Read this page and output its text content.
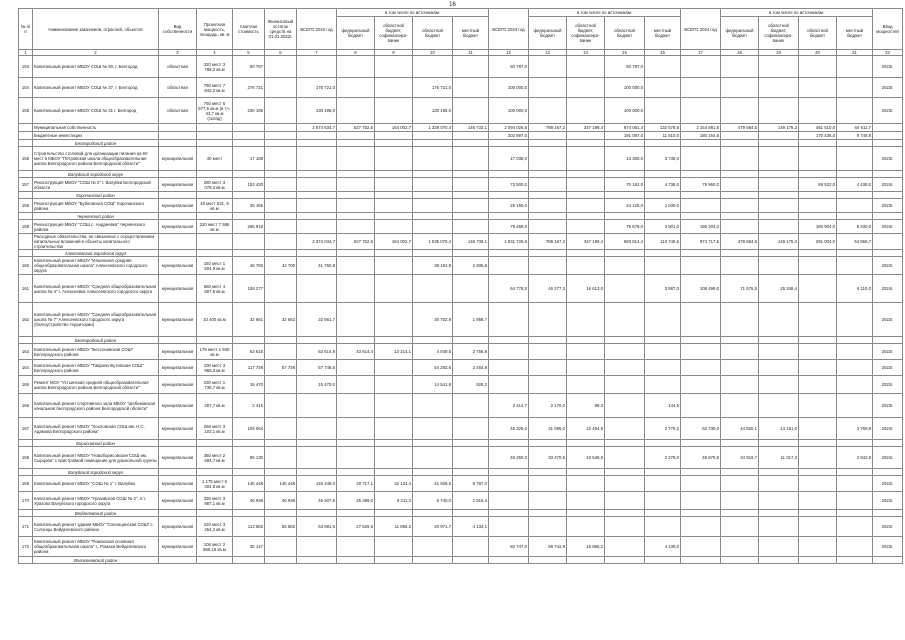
16
№ п/п	Наименование заказчиков, отраслей, объектов	Вид собственности	Проектная мощность, площадь, кв. м	Сметная стоимость	Финансовый остаток средств на 01.01.2022г.	ВСЕГО 2022 год	в том числе по источникам:				ВСЕГО 2023 год	в том числе по источникам:				ВСЕГО 2024 год	в том числе по источникам:				Ввод мощностей
							федеральный бюджет	областной бюджет, софинансиро-вание	областной бюджет	местный бюджет		федеральный бюджет	областной бюджет, софинансиро-вание	областной бюджет	местный бюджет		федеральный бюджет	областной бюджет, софинансиро-вание	областной бюджет	местный бюджет	
1	2	3	4	5	6	7	8	9	10	11	12	13	14	15	16	17	18	19	20	21	22
153	Капитальный ремонт МБОУ СОШ № 50, г. Белгород	областная	320 мест 3 788,2 кв.м	50 787							50 787,0			50 787,0							2023г.
154	Капитальный ремонт МБОУ СОШ № 37, г. Белгород	областная	750 мест 7 842,2 кв.м	276 721		176 721,0			176 721,0		100 000,0			100 000,0							2023г.
155	Капитальный ремонт МБОУ СОШ № 31 г. Белгород	областная	750 мест 6 577,6 кв.м (в т.ч. 43,7 кв.м (склад)	230 195		130 195,0			130 195,0		100 000,0			100 000,0							2023г.
	Муниципальная собственность					2 674 634,7	527 752,5	164 002,7	1 339 070,4	146 733,1	2 094 026,6	789 167,2	347 199,4	874 061,4	132 578,6	2 154 881,5	479 584,5	149 175,3	481 510,0	64 611,7	
	Бюджетные инвестиции										202 897,0			191 087,0	11 810,0	180 164,8			170 436,0	9 748,8	
	Белгородский район																				
156	Строительство столовой для организации питания на 60 мест в МБОУ "Петровская школа общеобразовательная школа Белгородского района Белгородской области"	муниципальная	40 мест	17 188							17 038,0			13 300,0	3 738,0						2023г.
	Валуйский городской округ																				
157	Реконструкция МБОУ "СОШ № 2" г. Валуйки Белгородской области	муниципальная	280 мест 3 078,4 кв.м	153 420							73 500,0			70 162,0	4 738,0	79 960,0			69 522,0	4 438,0	2024г.
	Корочанский район																				
158	Реконструкция МБОУ "Бубновская СОШ" Корочанского района	муниципальная	40 мест 531, 9 кв.м	25 155							25 155,0			24 125,0	1 030,0						2023г.
	Чернянский район																				
159	Реконструкция МБОУ "СОШ с. Андреевка" Чернянского района	муниципальная	220 мест 7 586 кв.м	265 918							79 458,0			75 679,0	3 801,0	186 204,0			180 904,0	5 330,0	2024г.
	Расходные обязательства, не связанные с осуществлением капитальных вложений в объекты капитального строительства					2 374 034,7	527 752,5	164 002,7	1 535 070,4	146 738,1	1 831 729,6	789 167,2	347 199,4	683 814,4	110 748,6	974 717,5	479 584,5	149 175,3	291 004,0	54 968,7	
	Алексеевский городской округ																				
160	Капитальный ремонт МБОУ "Ильинская средняя общеобразовательная школа" Алексеевского городского округа	муниципальная	192 мест 1 504,9 кв.м	45 760	42 700	41 760,8			39 154,9	2 605,6											2022г.
161	Капитальный ремонт МБОУ "Средняя общеобразовательная школа № 4" г. Алексеевка Алексеевского городского округа	муниципальная	650 мест 4 807,6 кв.м	108 277							64 778,0	46 277,3	16 613,0		3 887,0	108 499,0	71 576,5	25 348,4		6 110,0	2024г.
162	Капитальный ремонт МБОУ "Средняя общеобразовательная школа № 7" Алексеевского городского округа (благоустройство территории)	муниципальная	10 400 кв.м	32 661	32 662	32 661,7			30 702,9	1 958,7											2022г.
	Белгородский район																				
163	Капитальный ремонт МБОУ "Бессоновская СОШ" Белгородского района	муниципальная	175 мест 1 930 кв.м	63 615		63 614,9	43 614,4	13 214,1	4 049,5	2 756,9											2022г.
164	Капитальный ремонт МБОУ "Таврово-Бутовская СОШ" Белгородского района	муниципальная	100 мест 3 955,3 кв.м	117 748	57 748	57 748,5			54 283,6	3 464,9											2022г.
165	Ремонт МОУ "Устьинская средняя общеобразовательная школа Белгородского района Белгородской области"	муниципальная	230 мест 1 736,7 кв.м	15 470		15 470,0			14 541,8	928,2											2022г.
166	Капитальный ремонт спортивного зала МБОУ "Шебекинская начальная белгородского района Белгородской области"	муниципальная	457,7 кв.м	2 415							2 414,7	2 170,0	99,3		144,9						2023г.
167	Капитальный ремонт МБОУ "Хохловская СОШ им. Н.С. Адамова Белгородского района"	муниципальная	268 мест 3 103,1 кв.м	109 064							46 325,0	31 095,0	12 454,8		2 775,2	62 739,0	44 820,1	14 151,0		3 765,9	2024г.
	Борисовский район																				
168	Капитальный ремонт МБОУ "Новоборисовская СОШ им. Сырцова" с пристройкой помещения для дошкольной группы	муниципальная	360 мест 2 694,7 кв.м	95 130							46 250,0	33 470,5	10 548,5		2 278,0	48 879,8	34 919,7	11 017,3		2 942,8	2024г.
	Валуйский городской округ																				
169	Капитальный ремонт МБОУ "СОШ № 1" г. Валуйки	муниципальная	1 175 мест 6 404,8 кв.м	146 448	146 448	146 448,0	20 717,1	32 134,4	41 929,5	8 787,0											2022г.
170	Капитальный ремонт МБОУ "Уразовская СОШ № 2", п.т. Уразово Валуйского городского округа	муниципальная	330 мест 3 987,1 кв.м	46 938	46 938	46 937,6	25 389,0	9 211,3	5 740,0	2 816,4											2022г.
	Вейделевский район																				
171	Капитальный ремонт здания МБОУ "Солонцинская СОШ" с. Солонцы Вейделевского района	муниципальная	220 мест 3 454,2 кв.м	113 682	55 682	63 681,6	27 629,5	11 865,2	20 971,7	4 134,1											2022г.
172	Капитальный ремонт МБОУ "Ромахская основная общеобразовательная школа" с. Ромахи Вейделевского района	муниципальная	106 мест 2 866,19 кв.м	35 147							82 747,0	58 742,9	16 865,2		4 139,0						2023г.
	Волоконовский район																				
